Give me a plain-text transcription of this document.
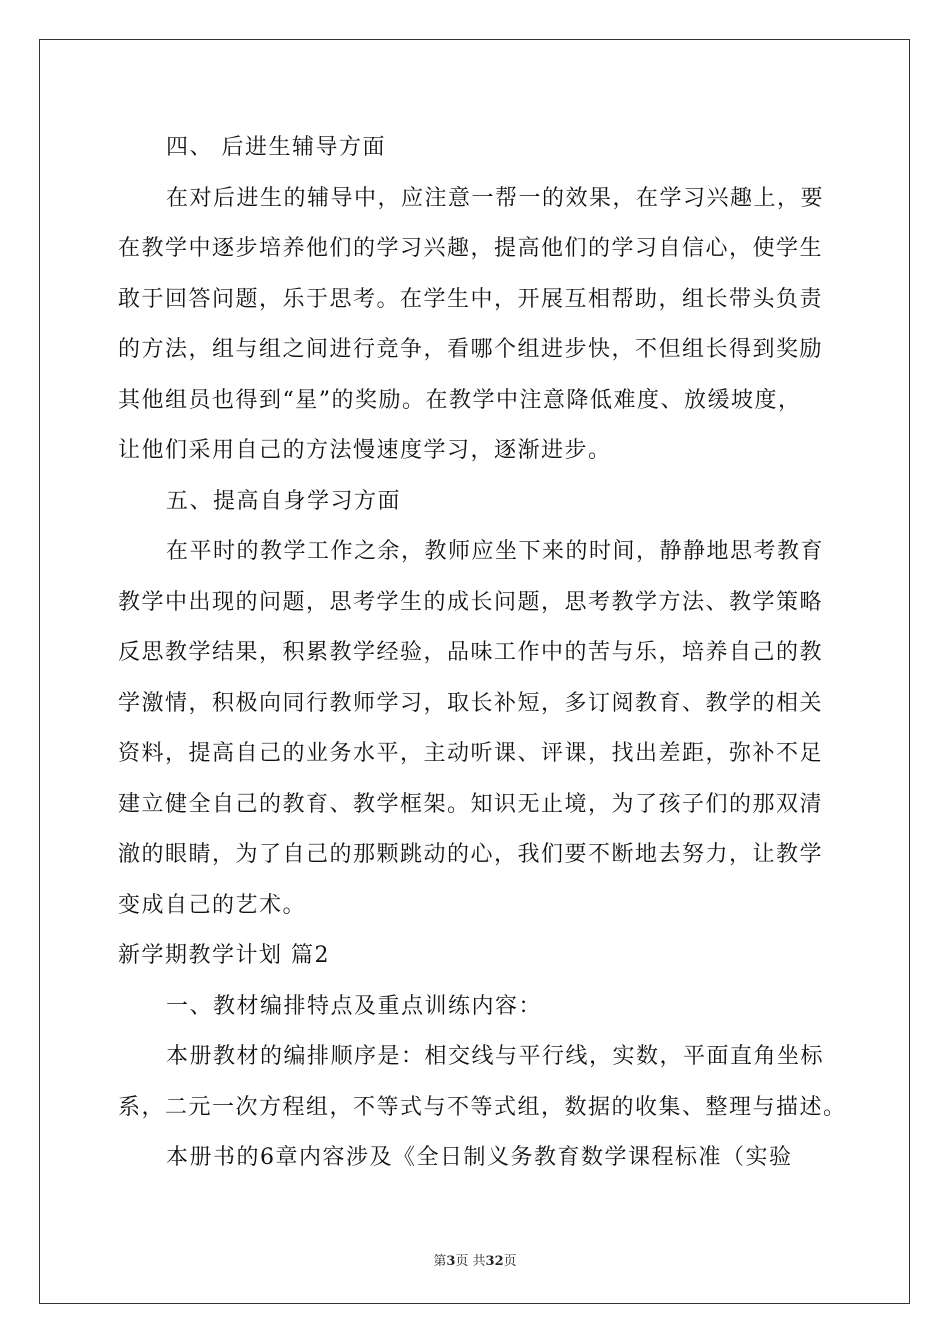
四、 后进生辅导方面
在对后进生的辅导中，应注意一帮一的效果，在学习兴趣上，要
在教学中逐步培养他们的学习兴趣，提高他们的学习自信心，使学生
敢于回答问题，乐于思考。在学生中，开展互相帮助，组长带头负责
的方法，组与组之间进行竞争，看哪个组进步快，不但组长得到奖励
其他组员也得到“星”的奖励。在教学中注意降低难度、放缓坡度，
让他们采用自己的方法慢速度学习，逐渐进步。
五、提高自身学习方面
在平时的教学工作之余，教师应坐下来的时间，静静地思考教育
教学中出现的问题，思考学生的成长问题，思考教学方法、教学策略
反思教学结果，积累教学经验，品味工作中的苦与乐，培养自己的教
学激情，积极向同行教师学习，取长补短，多订阅教育、教学的相关
资料，提高自己的业务水平，主动听课、评课，找出差距，弥补不足
建立健全自己的教育、教学框架。知识无止境，为了孩子们的那双清
澈的眼睛，为了自己的那颗跳动的心，我们要不断地去努力，让教学
变成自己的艺术。
新学期教学计划 篇2
一、教材编排特点及重点训练内容：
本册教材的编排顺序是：相交线与平行线，实数，平面直角坐标
系，二元一次方程组，不等式与不等式组，数据的收集、整理与描述。
本册书的6章内容涉及《全日制义务教育数学课程标准（实验
第3页 共32页
